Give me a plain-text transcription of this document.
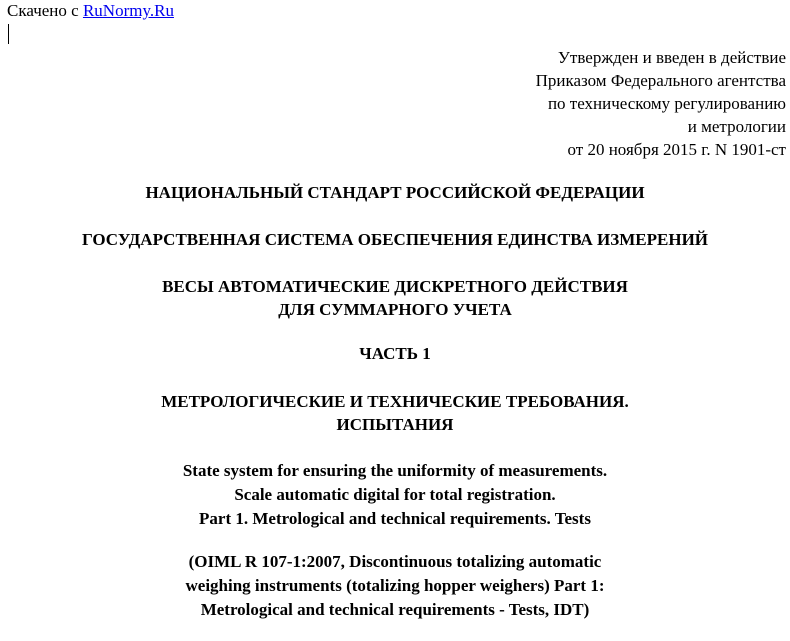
Скачено с RuNormy.Ru
Утвержден и введен в действие
Приказом Федерального агентства
по техническому регулированию
и метрологии
от 20 ноября 2015 г. N 1901-ст
НАЦИОНАЛЬНЫЙ СТАНДАРТ РОССИЙСКОЙ ФЕДЕРАЦИИ
ГОСУДАРСТВЕННАЯ СИСТЕМА ОБЕСПЕЧЕНИЯ ЕДИНСТВА ИЗМЕРЕНИЙ
ВЕСЫ АВТОМАТИЧЕСКИЕ ДИСКРЕТНОГО ДЕЙСТВИЯ
ДЛЯ СУММАРНОГО УЧЕТА
ЧАСТЬ 1
МЕТРОЛОГИЧЕСКИЕ И ТЕХНИЧЕСКИЕ ТРЕБОВАНИЯ.
ИСПЫТАНИЯ
State system for ensuring the uniformity of measurements.
Scale automatic digital for total registration.
Part 1. Metrological and technical requirements. Tests
(OIML R 107-1:2007, Discontinuous totalizing automatic
weighing instruments (totalizing hopper weighers) Part 1:
Metrological and technical requirements - Tests, IDT)
